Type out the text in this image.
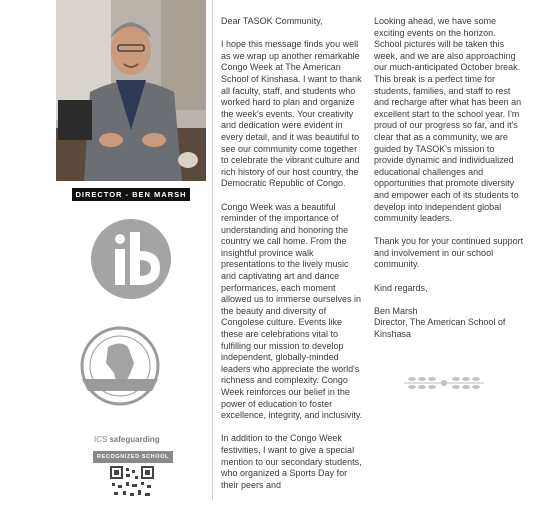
DIRECTOR - BEN MARSH
ICS safeguarding
RECOGNIZED SCHOOL

Dear TASOK Community,

I hope this message finds you well as we wrap up another remarkable Congo Week at The American School of Kinshasa. I want to thank all faculty, staff, and students who worked hard to plan and organize the week's events. Your creativity and dedication were evident in every detail, and it was beautiful to see our community come together to celebrate the vibrant culture and rich history of our host country, the Democratic Republic of Congo.

Congo Week was a beautiful reminder of the importance of understanding and honoring the country we call home. From the insightful province walk presentations to the lively music and captivating art and dance performances, each moment allowed us to immerse ourselves in the beauty and diversity of Congolese culture. Events like these are celebrations vital to fulfilling our mission to develop independent, globally-minded leaders who appreciate the world's richness and complexity. Congo Week reinforces our belief in the power of education to foster excellence, integrity, and inclusivity.

In addition to the Congo Week festivities, I want to give a special mention to our secondary students, who organized a Sports Day for their peers and

Looking ahead, we have some exciting events on the horizon. School pictures will be taken this week, and we are also approaching our much-anticipated October break. This break is a perfect time for students, families, and staff to rest and recharge after what has been an excellent start to the school year. I'm proud of our progress so far, and it's clear that as a community, we are guided by TASOK's mission to provide dynamic and individualized educational challenges and opportunities that promote diversity and empower each of its students to develop into independent global community leaders.

Thank you for your continued support and involvement in our school community.

Kind regards,

Ben Marsh
Director, The American School of Kinshasa
